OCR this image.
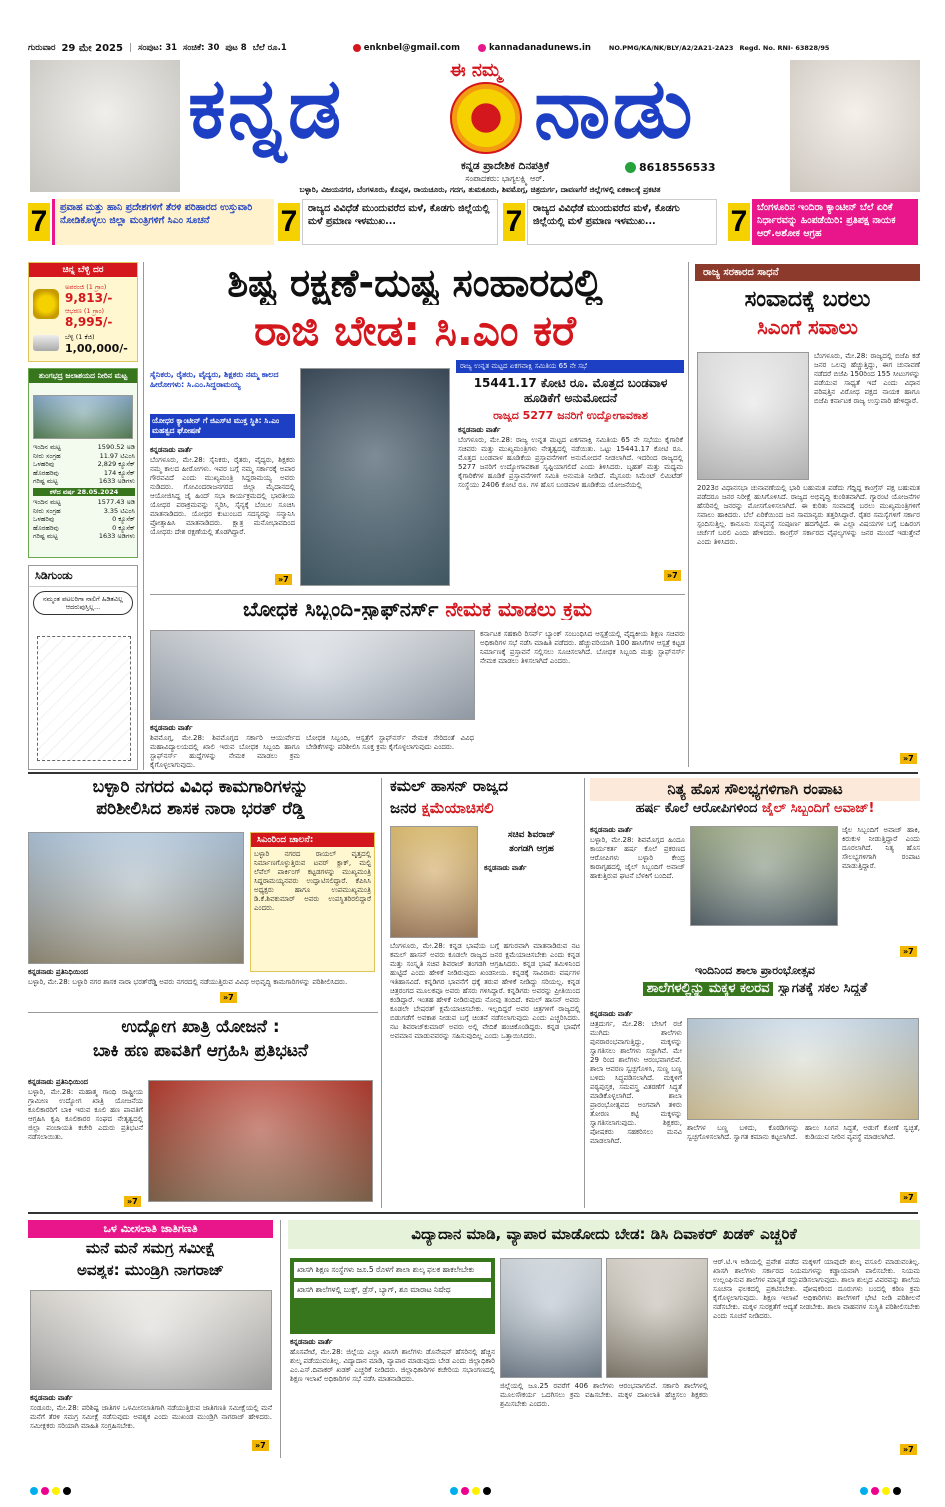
ಗುರುವಾರ 29 ಮೇ 2025 | ಸಂಪುಟ: 31 ಸಂಚಿಕೆ: 30 ಪುಟ 8 ಬೆಲೆ ರೂ.1	enknbel@gmail.com	kannadanadunews.in	NO.PMG/KA/NK/BLY/A2/2A21-2A23 Regd. No. RNI- 63828/95
ಕನ್ನಡ	ಈ ನಮ್ಮ ನಾಡು
ಕನ್ನಡ ಪ್ರಾದೇಶಿಕ ದಿನಪತ್ರಿಕೆ
ಸಂಪಾದಕರು: ಭಾಗ್ಯಲಕ್ಷ್ಮಿ ಆರ್.
8618556533
ಬಳ್ಳಾರಿ, ವಿಜಯನಗರ, ಬೆಂಗಳೂರು, ಕೊಪ್ಪಳ, ರಾಯಚೂರು, ಗದಗ, ತುಮಕೂರು, ಶಿವಮೊಗ್ಗ, ಚಿತ್ರದುರ್ಗ, ದಾವಣಗೆರೆ ಜಿಲ್ಲೆಗಳಲ್ಲಿ ಏಕಕಾಲಕ್ಕೆ ಪ್ರಕಟಿತ
7	ಪ್ರವಾಹ ಮತ್ತು ಹಾನಿ ಪ್ರದೇಶಗಳಿಗೆ ತೆರಳಿ ಪರಿಹಾರದ ಉಸ್ತುವಾರಿ ನೋಡಿಕೊಳ್ಳಲು ಜಿಲ್ಲಾ ಮಂತ್ರಿಗಳಿಗೆ ಸಿಎಂ ಸೂಚನೆ	7	ರಾಜ್ಯದ ವಿವಿಧೆಡೆ ಮುಂದುವರೆದ ಮಳೆ, ಕೊಡಗು ಜಿಲ್ಲೆಯಲ್ಲಿ ಮಳೆ ಪ್ರಮಾಣ ಇಳಮುಖ...	7	ರಾಜ್ಯದ ವಿವಿಧೆಡೆ ಮುಂದುವರೆದ ಮಳೆ, ಕೊಡಗು ಜಿಲ್ಲೆಯಲ್ಲಿ ಮಳೆ ಪ್ರಮಾಣ ಇಳಮುಖ...	7	ಬೆಂಗಳೂರಿನ ಇಂದಿರಾ ಕ್ಯಾಂಟೀನ್ ಬೆಲೆ ಏರಿಕೆ ನಿರ್ಧಾರವನ್ನು ಹಿಂಪಡೆಯಿರಿ: ಪ್ರತಿಪಕ್ಷ ನಾಯಕ ಆರ್.ಅಶೋಕ ಆಗ್ರಹ
ಚಿನ್ನ ಬೆಳ್ಳಿ ದರ
ಅಪರಂಜಿ (1 ಗ್ರಾಂ)
9,813/-
ಆಭರಣ (1 ಗ್ರಾಂ)
8,995/-
ಬೆಳ್ಳಿ (1 ಕೆಜಿ)
1,00,000/-
ತುಂಗಭದ್ರ ಜಲಾಶಯದ ನೀರಿನ ಮಟ್ಟ
ಇಂದಿನ ಮಟ್ಟ	1590.52 ಅಡಿ
ನೀರು ಸಂಗ್ರಹ	11.97 ಟಿಎಂಸಿ
ಒಳಹರಿವು	2,829 ಕ್ಯೂಸೆಕ್
ಹೊರಹರಿವು	174 ಕ್ಯೂಸೆಕ್
ಗರಿಷ್ಟ ಮಟ್ಟ	1633 ಅಡಿಗಳು
ಕಳೆದ ವರ್ಷ 28.05.2024
ಇಂದಿನ ಮಟ್ಟ	1577.43 ಅಡಿ
ನೀರು ಸಂಗ್ರಹ	3.35 ಟಿಎಂಸಿ
ಒಳಹರಿವು	0 ಕ್ಯೂಸೆಕ್
ಹೊರಹರಿವು	0 ಕ್ಯೂಸೆಕ್
ಗರಿಷ್ಟ ಮಟ್ಟ	1633 ಅಡಿಗಳು
ಸಿಡಿಗುಂಡು
ನಮ್ಮಂತ ಪಟಲರಿಗಾ ನಾಲಿಗೆ ಹಿಡಿತವಿಲ್ಲ ಆದರುಪುಸ್ತಿಲ್ಲ...
ಶಿಷ್ಟ ರಕ್ಷಣೆ-ದುಷ್ಟ ಸಂಹಾರದಲ್ಲಿ
ರಾಜಿ ಬೇಡ: ಸಿ.ಎಂ ಕರೆ
ಸೈನಿಕರು, ರೈತರು, ವೈದ್ಯರು, ಶಿಕ್ಷಕರು ನಮ್ಮ ಕಾಲದ ಹೀರೋಗಳು: ಸಿ.ಎಂ.ಸಿದ್ದರಾಮಯ್ಯ
ಯೋಧರ ಕ್ಯಾಂಟೀನ್ ಗೆ ಜಿಎಸ್‌ಟಿ ಮುಕ್ತ ಸ್ಥಿತಿ: ಸಿ.ಎಂ ಮಹತ್ವದ ಘೋಷಣೆ
ಕನ್ನಡನಾಡು ವಾರ್ತೆ
ಬೆಂಗಳೂರು, ಮೇ.28: ಸೈನಿಕರು, ರೈತರು, ವೈದ್ಯರು, ಶಿಕ್ಷಕರು ನಮ್ಮ ಕಾಲದ ಹೀರೋಗಳು. ಇವರ ಬಗ್ಗೆ ನಮ್ಮ ಸರ್ಕಾರಕ್ಕೆ ಅಪಾರ ಗೌರವವಿದೆ ಎಂದು ಮುಖ್ಯಮಂತ್ರಿ ಸಿದ್ದರಾಮಯ್ಯ ಅವರು ನುಡಿದರು. ಗೋವಿಂದರಾಜನಗರದ ಜಿಲ್ಲಾ ಮೈದಾನದಲ್ಲಿ ಆಯೋಜಿಸಿದ್ದ ಜೈ ಹಿಂದ್ ಸಭಾ ಕಾರ್ಯಕ್ರಮದಲ್ಲಿ ಭಾರತೀಯ ಯೋಧರ ಪರಾಕ್ರಮವನ್ನು ಸ್ಮರಿಸಿ, ಸೈನ್ಯಕ್ಕೆ ಬೆಂಬಲ ಸೂಚಿಸಿ ಮಾತನಾಡಿದರು. ಯೋಧರ ಕುಟುಂಬದ ಸದಸ್ಯರನ್ನು ಸನ್ಮಾನಿಸಿ ಪ್ರೋತ್ಸಾಹಿಸಿ ಮಾತನಾಡಿದರು. ಕ್ಷಾತ್ರ ಮನೋಭಾವದಿಂದ ಯೋಧರು ದೇಶ ರಕ್ಷಣೆಯಲ್ಲಿ ತೊಡಗಿದ್ದಾರೆ.
»7
ರಾಜ್ಯ ಉನ್ನತ ಮಟ್ಟದ ಏಕಗವಾಕ್ಷಿ ಸಮಿತಿಯ 65 ನೇ ಸಭೆ
15441.17 ಕೋಟಿ ರೂ. ಮೊತ್ತದ ಬಂಡವಾಳ ಹೂಡಿಕೆಗೆ ಅನುಮೋದನೆ
ರಾಜ್ಯದ 5277 ಜನರಿಗೆ ಉದ್ಯೋಗಾವಕಾಶ
ಕನ್ನಡನಾಡು ವಾರ್ತೆ
ಬೆಂಗಳೂರು, ಮೇ.28: ರಾಜ್ಯ ಉನ್ನತ ಮಟ್ಟದ ಏಕಗವಾಕ್ಷಿ ಸಮಿತಿಯ 65 ನೇ ಸಭೆಯು ಕೈಗಾರಿಕೆ ಸಚಿವರು ಮತ್ತು ಮುಖ್ಯಮಂತ್ರಿಗಳು ನೇತೃತ್ವದಲ್ಲಿ ನಡೆಯಿತು. ಒಟ್ಟು 15441.17 ಕೋಟಿ ರೂ. ಮೊತ್ತದ ಬಂಡವಾಳ ಹೂಡಿಕೆಯ ಪ್ರಸ್ತಾವನೆಗಳಿಗೆ ಅನುಮೋದನೆ ನೀಡಲಾಗಿದೆ. ಇದರಿಂದ ರಾಜ್ಯದಲ್ಲಿ 5277 ಜನರಿಗೆ ಉದ್ಯೋಗಾವಕಾಶ ಸೃಷ್ಟಿಯಾಗಲಿದೆ ಎಂದು ತಿಳಿಸಿದರು. ಬೃಹತ್ ಮತ್ತು ಮಧ್ಯಮ ಕೈಗಾರಿಕೆಗಳ ಹೂಡಿಕೆ ಪ್ರಸ್ತಾವನೆಗಳಿಗೆ ಸಮಿತಿ ಅನುಮತಿ ನೀಡಿದೆ. ಮೈಸೂರು ಸಿಮೆಂಟ್ ಲಿಮಿಟೆಡ್ ಸಂಸ್ಥೆಯು 2406 ಕೋಟಿ ರೂ. ಗಳ ಹೊಸ ಬಂಡವಾಳ ಹೂಡಿಕೆಯ ಯೋಜನೆಯಲ್ಲಿ
»7
ರಾಜ್ಯ ಸರಕಾರದ ಸಾಧನೆ
ಸಂವಾದಕ್ಕೆ ಬರಲು
ಸಿಎಂಗೆ ಸವಾಲು
ಬೆಂಗಳೂರು, ಮೇ.28: ರಾಜ್ಯದಲ್ಲಿ ಬಿಜೆಪಿ ಕಡೆ ಜನರ ಒಲವು ಹೆಚ್ಚುತ್ತಿದ್ದು, ಈಗ ಚುನಾವಣೆ ನಡೆದರೆ ಬಿಜೆಪಿ 150ರಿಂದ 155 ಸೀಟುಗಳನ್ನು ಪಡೆಯುವ ಸಾಧ್ಯತೆ ಇದೆ ಎಂದು ವಿಧಾನ ಪರಿಷತ್ತಿನ ವಿರೋಧ ಪಕ್ಷದ ನಾಯಕ ಹಾಗೂ ಬಿಜೆಪಿ ಕರ್ನಾಟಕ ರಾಜ್ಯ ಉಸ್ತುವಾರಿ ಹೇಳಿದ್ದಾರೆ.
2023ರ ವಿಧಾನಸಭಾ ಚುನಾವಣೆಯಲ್ಲಿ ಭಾರಿ ಬಹುಮತ ಪಡೆದು ಗೆದ್ದಿದ್ದ ಕಾಂಗ್ರೆಸ್ ಪಕ್ಷ ಬಹುಮತ ಪಡೆದರೂ ಜನರ ನಿರೀಕ್ಷೆ ಹುಸಿಗೊಳಿಸಿದೆ. ರಾಜ್ಯದ ಅಭಿವೃದ್ಧಿ ಕುಂಠಿತವಾಗಿದೆ. ಗ್ಯಾರಂಟಿ ಯೋಜನೆಗಳ ಹೆಸರಿನಲ್ಲಿ ಜನರನ್ನು ಮೋಸಗೊಳಿಸಲಾಗಿದೆ. ಈ ಕುರಿತು ಸಂವಾದಕ್ಕೆ ಬರಲು ಮುಖ್ಯಮಂತ್ರಿಗಳಿಗೆ ಸವಾಲು ಹಾಕಿದರು. ಬೆಲೆ ಏರಿಕೆಯಿಂದ ಜನ ಸಾಮಾನ್ಯರು ತತ್ತರಿಸಿದ್ದಾರೆ. ರೈತರ ಸಮಸ್ಯೆಗಳಿಗೆ ಸರ್ಕಾರ ಸ್ಪಂದಿಸುತ್ತಿಲ್ಲ. ಕಾನೂನು ಸುವ್ಯವಸ್ಥೆ ಸಂಪೂರ್ಣ ಹದಗೆಟ್ಟಿದೆ. ಈ ಎಲ್ಲಾ ವಿಷಯಗಳ ಬಗ್ಗೆ ಬಹಿರಂಗ ಚರ್ಚೆಗೆ ಬರಲಿ ಎಂದು ಹೇಳಿದರು. ಕಾಂಗ್ರೆಸ್ ಸರ್ಕಾರದ ವೈಫಲ್ಯಗಳನ್ನು ಜನರ ಮುಂದೆ ಇಡುತ್ತೇವೆ ಎಂದು ತಿಳಿಸಿದರು.
»7
ಬೋಧಕ ಸಿಬ್ಬಂದಿ-ಸ್ಟಾಫ್‌ನರ್ಸ್ ನೇಮಕ ಮಾಡಲು ಕ್ರಮ
ಕನ್ನಡನಾಡು ವಾರ್ತೆ
ಶಿವಮೊಗ್ಗ, ಮೇ.28: ಶಿವಮೊಗ್ಗದ ಸರ್ಕಾರಿ ಆಯುರ್ವೇದ ಮಹಾವಿದ್ಯಾಲಯದಲ್ಲಿ ಖಾಲಿ ಇರುವ ಬೋಧಕ ಸಿಬ್ಬಂದಿ ಹಾಗೂ ಸ್ಟಾಫ್‌ನರ್ಸ್ ಹುದ್ದೆಗಳನ್ನು ನೇಮಕ ಮಾಡಲು ಕ್ರಮ ಕೈಗೊಳ್ಳಲಾಗುವುದು.
ಬೋಧಕ ಸಿಬ್ಬಂದಿ, ಆಸ್ಪತ್ರೆಗೆ ಸ್ಟಾಫ್‌ನರ್ಸ್ ನೇಮಕ ಸೇರಿದಂತೆ ವಿವಿಧ ಬೇಡಿಕೆಗಳನ್ನು ಪರಿಶೀಲಿಸಿ ಸೂಕ್ತ ಕ್ರಮ ಕೈಗೊಳ್ಳಲಾಗುವುದು ಎಂದರು.
ಕರ್ನಾಟಕ ಸಹಕಾರಿ ರಿಸರ್ವ್ ಬ್ಯಾಂಕ್ ಸಂಬಂಧಿಸಿದ ಆಸ್ಪತ್ರೆಯಲ್ಲಿ ವೈದ್ಯಕೀಯ ಶಿಕ್ಷಣ ಸಚಿವರು ಅಧಿಕಾರಿಗಳ ಸಭೆ ನಡೆಸಿ ಮಾಹಿತಿ ಪಡೆದರು. ಹೆಚ್ಚುವರಿಯಾಗಿ 100 ಹಾಸಿಗೆಗಳ ಆಸ್ಪತ್ರೆ ಕಟ್ಟಡ ನಿರ್ಮಾಣಕ್ಕೆ ಪ್ರಸ್ತಾವನೆ ಸಲ್ಲಿಸಲು ಸೂಚಿಸಲಾಗಿದೆ. ಬೋಧಕ ಸಿಬ್ಬಂದಿ ಮತ್ತು ಸ್ಟಾಫ್‌ನರ್ಸ್ ನೇಮಕ ಮಾಡಲು ತಿಳಿಸಲಾಗಿದೆ ಎಂದರು.
ಬಳ್ಳಾರಿ ನಗರದ ವಿವಿಧ ಕಾಮಗಾರಿಗಳನ್ನು
ಪರಿಶೀಲಿಸಿದ ಶಾಸಕ ನಾರಾ ಭರತ್ ರೆಡ್ಡಿ
ಸಿಎಂರಿಂದ ಚಾಲನೆ:
ಬಳ್ಳಾರಿ ನಗರದ ರಾಯಲ್ ವೃತ್ತದಲ್ಲಿ ನಿರ್ಮಾಣಗೊಳ್ಳುತ್ತಿರುವ ಟವರ್ ಕ್ಲಾಕ್, ಮಲ್ಟಿ ಲೆವೆಲ್ ಪಾರ್ಕಿಂಗ್ ಕಟ್ಟಡಗಳನ್ನು ಮುಖ್ಯಮಂತ್ರಿ ಸಿದ್ದರಾಮಯ್ಯನವರು ಉದ್ಘಾಟಿಸಲಿದ್ದಾರೆ. ಕೆಪಿಸಿಸಿ ಅಧ್ಯಕ್ಷರು ಹಾಗೂ ಉಪಮುಖ್ಯಮಂತ್ರಿ ಡಿ.ಕೆ.ಶಿವಕುಮಾರ್ ಅವರು ಉಪಸ್ಥಿತರಿರಲಿದ್ದಾರೆ ಎಂದರು.
ಕನ್ನಡನಾಡು ಪ್ರತಿನಿಧಿಯಿಂದ
ಬಳ್ಳಾರಿ, ಮೇ.28: ಬಳ್ಳಾರಿ ನಗರ ಶಾಸಕ ನಾರಾ ಭರತ್‌ರೆಡ್ಡಿ ಅವರು ನಗರದಲ್ಲಿ ನಡೆಯುತ್ತಿರುವ ವಿವಿಧ ಅಭಿವೃದ್ಧಿ ಕಾಮಗಾರಿಗಳನ್ನು ಪರಿಶೀಲಿಸಿದರು.
»7
ಉದ್ಯೋಗ ಖಾತ್ರಿ ಯೋಜನೆ :
ಬಾಕಿ ಹಣ ಪಾವತಿಗೆ ಆಗ್ರಹಿಸಿ ಪ್ರತಿಭಟನೆ
ಕನ್ನಡನಾಡು ಪ್ರತಿನಿಧಿಯಿಂದ
ಬಳ್ಳಾರಿ, ಮೇ.28: ಮಹಾತ್ಮ ಗಾಂಧಿ ರಾಷ್ಟ್ರೀಯ ಗ್ರಾಮೀಣ ಉದ್ಯೋಗ ಖಾತ್ರಿ ಯೋಜನೆಯ ಕೂಲಿಕಾರರಿಗೆ ಬಾಕಿ ಇರುವ ಕೂಲಿ ಹಣ ಪಾವತಿಗೆ ಆಗ್ರಹಿಸಿ ಕೃಷಿ ಕೂಲಿಕಾರರ ಸಂಘದ ನೇತೃತ್ವದಲ್ಲಿ ಜಿಲ್ಲಾ ಪಂಚಾಯತಿ ಕಚೇರಿ ಎದುರು ಪ್ರತಿಭಟನೆ ನಡೆಸಲಾಯಿತು.
»7
ಕಮಲ್ ಹಾಸನ್ ರಾಜ್ಯದ
ಜನರ ಕ್ಷಮೆಯಾಚಿಸಲಿ
ಸಚಿವ ಶಿವರಾಜ್
ತಂಗಡಗಿ ಆಗ್ರಹ
ಕನ್ನಡನಾಡು ವಾರ್ತೆ
ಬೆಂಗಳೂರು, ಮೇ.28: ಕನ್ನಡ ಭಾಷೆಯ ಬಗ್ಗೆ ಹಗುರವಾಗಿ ಮಾತನಾಡಿರುವ ನಟ ಕಮಲ್ ಹಾಸನ್ ಅವರು ಕೂಡಲೇ ರಾಜ್ಯದ ಜನರ ಕ್ಷಮೆಯಾಚಿಸಬೇಕು ಎಂದು ಕನ್ನಡ ಮತ್ತು ಸಂಸ್ಕೃತಿ ಸಚಿವ ಶಿವರಾಜ್ ತಂಗಡಗಿ ಆಗ್ರಹಿಸಿದರು. ಕನ್ನಡ ಭಾಷೆ ತಮಿಳಿನಿಂದ ಹುಟ್ಟಿದೆ ಎಂದು ಹೇಳಿಕೆ ನೀಡಿರುವುದು ಖಂಡನೀಯ. ಕನ್ನಡಕ್ಕೆ ಸಾವಿರಾರು ವರ್ಷಗಳ ಇತಿಹಾಸವಿದೆ. ಕನ್ನಡಿಗರ ಭಾವನೆಗೆ ಧಕ್ಕೆ ತರುವ ಹೇಳಿಕೆ ನೀಡಿದ್ದು ಸರಿಯಲ್ಲ. ಕನ್ನಡ ಚಿತ್ರರಂಗದ ಮೂಲಕವೂ ಅವರು ಹೆಸರು ಗಳಿಸಿದ್ದಾರೆ. ಕನ್ನಡಿಗರು ಅವರನ್ನು ಪ್ರೀತಿಯಿಂದ ಕಂಡಿದ್ದಾರೆ. ಇಂತಹ ಹೇಳಿಕೆ ನೀಡಿರುವುದು ನೋವು ತಂದಿದೆ. ಕಮಲ್ ಹಾಸನ್ ಅವರು ಕೂಡಲೇ ಬೇಷರತ್ ಕ್ಷಮೆಯಾಚಿಸಬೇಕು. ಇಲ್ಲದಿದ್ದರೆ ಅವರ ಚಿತ್ರಗಳಿಗೆ ರಾಜ್ಯದಲ್ಲಿ ಬಿಡುಗಡೆಗೆ ಅವಕಾಶ ನೀಡುವ ಬಗ್ಗೆ ಚಿಂತನೆ ನಡೆಸಲಾಗುವುದು ಎಂದು ಎಚ್ಚರಿಸಿದರು. ನಟ ಶಿವರಾಜ್‌ಕುಮಾರ್ ಅವರು ಅಲ್ಲಿ ವೇದಿಕೆ ಹಂಚಿಕೊಂಡಿದ್ದರು. ಕನ್ನಡ ಭಾಷೆಗೆ ಅವಮಾನ ಮಾಡುವವರನ್ನು ಸಹಿಸುವುದಿಲ್ಲ ಎಂದು ಒತ್ತಾಯಿಸಿದರು.
ನಿತ್ಯ ಹೊಸ ಸೌಲಭ್ಯಗಳಿಗಾಗಿ ರಂಪಾಟ
ಹರ್ಷ ಕೊಲೆ ಆರೋಪಿಗಳಿಂದ ಜೈಲ್ ಸಿಬ್ಬಂದಿಗೆ ಅವಾಜ್!
ಕನ್ನಡನಾಡು ವಾರ್ತೆ
ಬಳ್ಳಾರಿ, ಮೇ.28: ಶಿವಮೊಗ್ಗದ ಹಿಂದೂ ಕಾರ್ಯಕರ್ತ ಹರ್ಷ ಕೊಲೆ ಪ್ರಕರಣದ ಆರೋಪಿಗಳು ಬಳ್ಳಾರಿ ಕೇಂದ್ರ ಕಾರಾಗೃಹದಲ್ಲಿ ಜೈಲ್ ಸಿಬ್ಬಂದಿಗೆ ಅವಾಜ್ ಹಾಕುತ್ತಿರುವ ಘಟನೆ ಬೆಳಕಿಗೆ ಬಂದಿದೆ.
ಜೈಲ ಸಿಬ್ಬಂದಿಗೆ ಅವಾಜ್ ಹಾಕಿ, ಕಿರುಕುಳ ನೀಡುತ್ತಿದ್ದಾರೆ ಎಂದು ದೂರಲಾಗಿದೆ. ನಿತ್ಯ ಹೊಸ ಸೌಲಭ್ಯಗಳಿಗಾಗಿ ರಂಪಾಟ ಮಾಡುತ್ತಿದ್ದಾರೆ.
»7
ಇಂದಿನಿಂದ ಶಾಲಾ ಪ್ರಾರಂಭೋತ್ಸವ
ಶಾಲೆಗಳಲ್ಲಿನ್ನು ಮಕ್ಕಳ ಕಲರವ ಸ್ವಾಗತಕ್ಕೆ ಸಕಲ ಸಿದ್ಧತೆ
ಕನ್ನಡನಾಡು ವಾರ್ತೆ
ಚಿತ್ರದುರ್ಗ, ಮೇ.28: ಬೇಸಿಗೆ ರಜೆ ಮುಗಿದು ಶಾಲೆಗಳು ಪುನರಾರಂಭವಾಗುತ್ತಿದ್ದು, ಮಕ್ಕಳನ್ನು ಸ್ವಾಗತಿಸಲು ಶಾಲೆಗಳು ಸಜ್ಜಾಗಿವೆ. ಮೇ 29 ರಿಂದ ಶಾಲೆಗಳು ಆರಂಭವಾಗಲಿವೆ. ಶಾಲಾ ಆವರಣ ಸ್ವಚ್ಛಗೊಳಿಸಿ, ಸುಣ್ಣ ಬಣ್ಣ ಬಳಿದು ಸಿದ್ಧಪಡಿಸಲಾಗಿದೆ. ಮಕ್ಕಳಿಗೆ ಪಠ್ಯಪುಸ್ತಕ, ಸಮವಸ್ತ್ರ ವಿತರಣೆಗೆ ಸಿದ್ಧತೆ ಮಾಡಿಕೊಳ್ಳಲಾಗಿದೆ. ಶಾಲಾ ಪ್ರಾರಂಭೋತ್ಸವದ ಅಂಗವಾಗಿ ತಳಿರು ತೋರಣ ಕಟ್ಟಿ ಮಕ್ಕಳನ್ನು ಸ್ವಾಗತಿಸಲಾಗುವುದು. ಶಿಕ್ಷಕರು, ಪೋಷಕರು ಸಹಕರಿಸಲು ಮನವಿ ಮಾಡಲಾಗಿದೆ.
ಶಾಲೆಗಳ ಬಣ್ಣ ಬಳಿದು, ಕೊಠಡಿಗಳನ್ನು ಸ್ವಚ್ಛಗೊಳಿಸಲಾಗಿದೆ. ಸ್ವಾಗತ ಕಮಾನು ಕಟ್ಟಲಾಗಿದೆ.
ಹಾಲು ಸಿಂಗನ ಸಿದ್ಧತೆ, ಅಡುಗೆ ಕೋಣೆ ಸ್ವಚ್ಛತೆ, ಕುಡಿಯುವ ನೀರಿನ ವ್ಯವಸ್ಥೆ ಮಾಡಲಾಗಿದೆ.
»7
ಒಳ ಮೀಸಲಾತಿ ಜಾತಿಗಣತಿ
ಮನೆ ಮನೆ ಸಮಗ್ರ ಸಮೀಕ್ಷೆ
ಅವಶ್ಯಕ: ಮುಂಡ್ರಿಗಿ ನಾಗರಾಜ್
ಕನ್ನಡನಾಡು ವಾರ್ತೆ
ಸಂಡೂರು, ಮೇ.28: ಪರಿಶಿಷ್ಟ ಜಾತಿಗಳ ಒಳಮೀಸಲಾತಿಗಾಗಿ ನಡೆಯುತ್ತಿರುವ ಜಾತಿಗಣತಿ ಸಮೀಕ್ಷೆಯಲ್ಲಿ ಮನೆ ಮನೆಗೆ ತೆರಳಿ ಸಮಗ್ರ ಸಮೀಕ್ಷೆ ನಡೆಸುವುದು ಅವಶ್ಯಕ ಎಂದು ಮುಖಂಡ ಮುಂಡ್ರಿಗಿ ನಾಗರಾಜ್ ಹೇಳಿದರು. ಸಮೀಕ್ಷಕರು ಸರಿಯಾಗಿ ಮಾಹಿತಿ ಸಂಗ್ರಹಿಸಬೇಕು.
»7
ವಿದ್ಯಾದಾನ ಮಾಡಿ, ವ್ಯಾಪಾರ ಮಾಡೋದು ಬೇಡ: ಡಿಸಿ ದಿವಾಕರ್ ಖಡಕ್ ಎಚ್ಚರಿಕೆ
ಖಾಸಗಿ ಶಿಕ್ಷಣ ಸಂಸ್ಥೆಗಳು ಜೂ.5 ರೊಳಗೆ ಶಾಲಾ ಶುಲ್ಕ ಫಲಕ ಹಾಕಲೇಬೇಕು
ಖಾಸಗಿ ಶಾಲೆಗಳಲ್ಲಿ ಬುಕ್ಸ್, ಡ್ರೆಸ್, ಬ್ಯಾಗ್, ಶೂ ಮಾರಾಟ ನಿಷೇಧ
ಕನ್ನಡನಾಡು ವಾರ್ತೆ
ಹೊಸಪೇಟೆ, ಮೇ.28: ಜಿಲ್ಲೆಯ ಎಲ್ಲಾ ಖಾಸಗಿ ಶಾಲೆಗಳು ಡೊನೇಷನ್ ಹೆಸರಿನಲ್ಲಿ ಹೆಚ್ಚಿನ ಶುಲ್ಕ ಪಡೆಯುವಂತಿಲ್ಲ. ವಿದ್ಯಾದಾನ ಮಾಡಿ, ವ್ಯಾಪಾರ ಮಾಡುವುದು ಬೇಡ ಎಂದು ಜಿಲ್ಲಾಧಿಕಾರಿ ಎಂ.ಎಸ್.ದಿವಾಕರ್ ಖಡಕ್ ಎಚ್ಚರಿಕೆ ನೀಡಿದರು. ಜಿಲ್ಲಾಧಿಕಾರಿಗಳ ಕಚೇರಿಯ ಸಭಾಂಗಣದಲ್ಲಿ ಶಿಕ್ಷಣ ಇಲಾಖೆ ಅಧಿಕಾರಿಗಳ ಸಭೆ ನಡೆಸಿ ಮಾತನಾಡಿದರು.
ಜಿಲ್ಲೆಯಲ್ಲಿ ಜೂ.25 ರವರೆಗೆ 406 ಶಾಲೆಗಳು ಆರಂಭವಾಗಲಿವೆ. ಸರ್ಕಾರಿ ಶಾಲೆಗಳಲ್ಲಿ ಮೂಲಸೌಕರ್ಯ ಒದಗಿಸಲು ಕ್ರಮ ವಹಿಸಬೇಕು. ಮಕ್ಕಳ ದಾಖಲಾತಿ ಹೆಚ್ಚಿಸಲು ಶಿಕ್ಷಕರು ಶ್ರಮಿಸಬೇಕು ಎಂದರು.
ಆರ್.ಟಿ.ಇ ಅಡಿಯಲ್ಲಿ ಪ್ರವೇಶ ಪಡೆದ ಮಕ್ಕಳಿಗೆ ಯಾವುದೇ ಶುಲ್ಕ ವಸೂಲಿ ಮಾಡುವಂತಿಲ್ಲ. ಖಾಸಗಿ ಶಾಲೆಗಳು ಸರ್ಕಾರದ ನಿಯಮಗಳನ್ನು ಕಡ್ಡಾಯವಾಗಿ ಪಾಲಿಸಬೇಕು. ನಿಯಮ ಉಲ್ಲಂಘಿಸುವ ಶಾಲೆಗಳ ಮಾನ್ಯತೆ ರದ್ದುಪಡಿಸಲಾಗುವುದು. ಶಾಲಾ ಶುಲ್ಕದ ವಿವರವನ್ನು ಶಾಲೆಯ ಸೂಚನಾ ಫಲಕದಲ್ಲಿ ಪ್ರಕಟಿಸಬೇಕು. ಪೋಷಕರಿಂದ ದೂರುಗಳು ಬಂದಲ್ಲಿ ಕಠಿಣ ಕ್ರಮ ಕೈಗೊಳ್ಳಲಾಗುವುದು. ಶಿಕ್ಷಣ ಇಲಾಖೆ ಅಧಿಕಾರಿಗಳು ಶಾಲೆಗಳಿಗೆ ಭೇಟಿ ನೀಡಿ ಪರಿಶೀಲನೆ ನಡೆಸಬೇಕು. ಮಕ್ಕಳ ಸುರಕ್ಷತೆಗೆ ಆದ್ಯತೆ ನೀಡಬೇಕು. ಶಾಲಾ ವಾಹನಗಳ ಸುಸ್ಥಿತಿ ಪರಿಶೀಲಿಸಬೇಕು ಎಂದು ಸೂಚನೆ ನೀಡಿದರು.
»7
